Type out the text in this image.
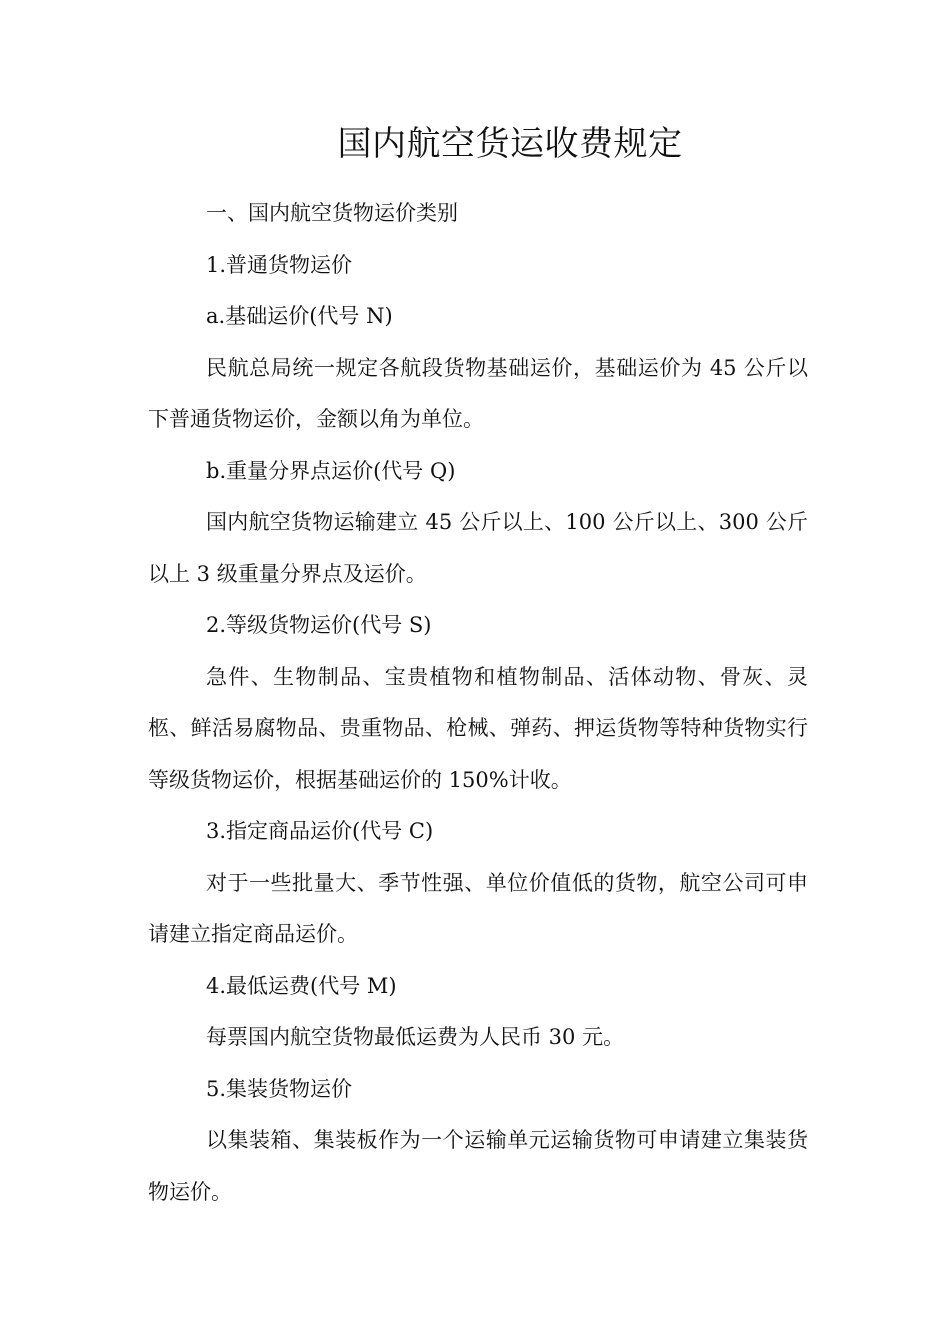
国内航空货运收费规定

一、国内航空货物运价类别

1.普通货物运价

a.基础运价(代号 N)

民航总局统一规定各航段货物基础运价，基础运价为 45 公斤以下普通货物运价，金额以角为单位。

b.重量分界点运价(代号 Q)

国内航空货物运输建立 45 公斤以上、100 公斤以上、300 公斤以上 3 级重量分界点及运价。

2.等级货物运价(代号 S)

急件、生物制品、宝贵植物和植物制品、活体动物、骨灰、灵柩、鲜活易腐物品、贵重物品、枪械、弹药、押运货物等特种货物实行等级货物运价，根据基础运价的 150%计收。

3.指定商品运价(代号 C)

对于一些批量大、季节性强、单位价值低的货物，航空公司可申请建立指定商品运价。

4.最低运费(代号 M)

每票国内航空货物最低运费为人民币 30 元。

5.集装货物运价

以集装箱、集装板作为一个运输单元运输货物可申请建立集装货物运价。
